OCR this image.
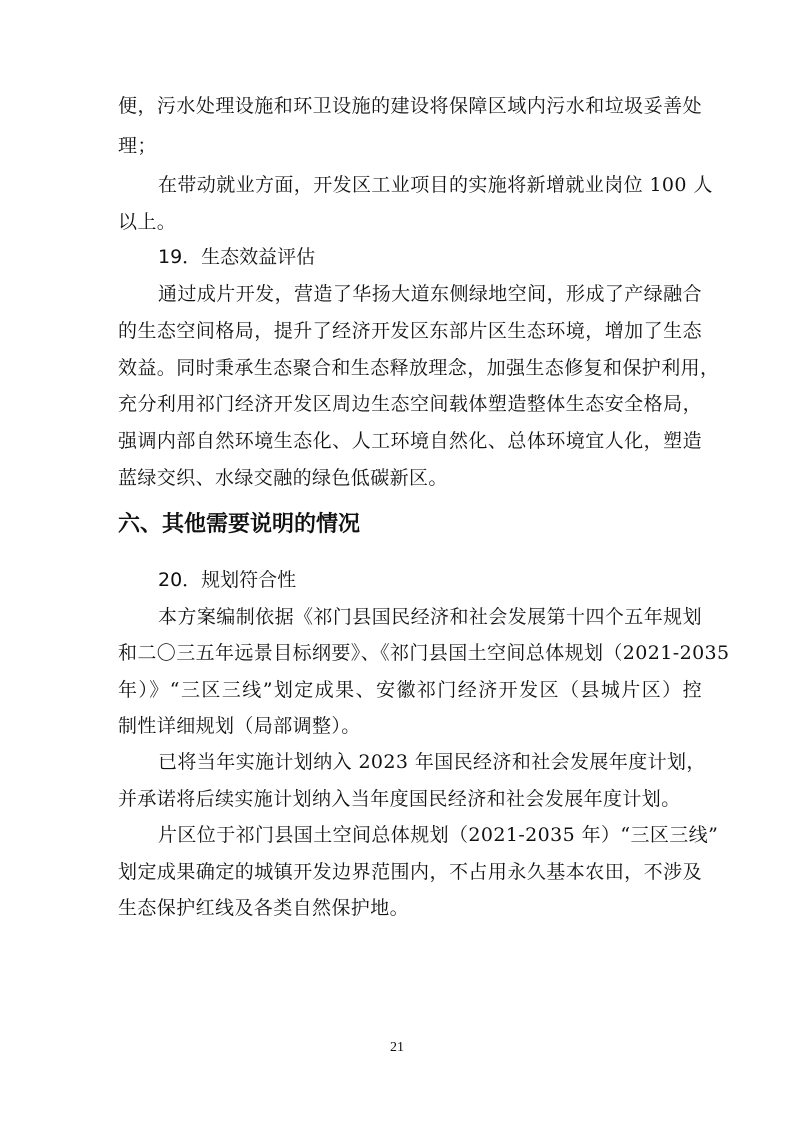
便，污水处理设施和环卫设施的建设将保障区域内污水和垃圾妥善处
理；
在带动就业方面，开发区工业项目的实施将新增就业岗位 100 人
以上。
19．生态效益评估
通过成片开发，营造了华扬大道东侧绿地空间，形成了产绿融合
的生态空间格局，提升了经济开发区东部片区生态环境，增加了生态
效益。同时秉承生态聚合和生态释放理念，加强生态修复和保护利用，
充分利用祁门经济开发区周边生态空间载体塑造整体生态安全格局，
强调内部自然环境生态化、人工环境自然化、总体环境宜人化，塑造
蓝绿交织、水绿交融的绿色低碳新区。
六、其他需要说明的情况
20．规划符合性
本方案编制依据《祁门县国民经济和社会发展第十四个五年规划
和二〇三五年远景目标纲要》、《祁门县国土空间总体规划（2021-2035
年）》“三区三线”划定成果、安徽祁门经济开发区（县城片区）控
制性详细规划（局部调整）。
已将当年实施计划纳入 2023 年国民经济和社会发展年度计划，
并承诺将后续实施计划纳入当年度国民经济和社会发展年度计划。
片区位于祁门县国土空间总体规划（2021-2035 年）“三区三线”
划定成果确定的城镇开发边界范围内，不占用永久基本农田，不涉及
生态保护红线及各类自然保护地。
21
